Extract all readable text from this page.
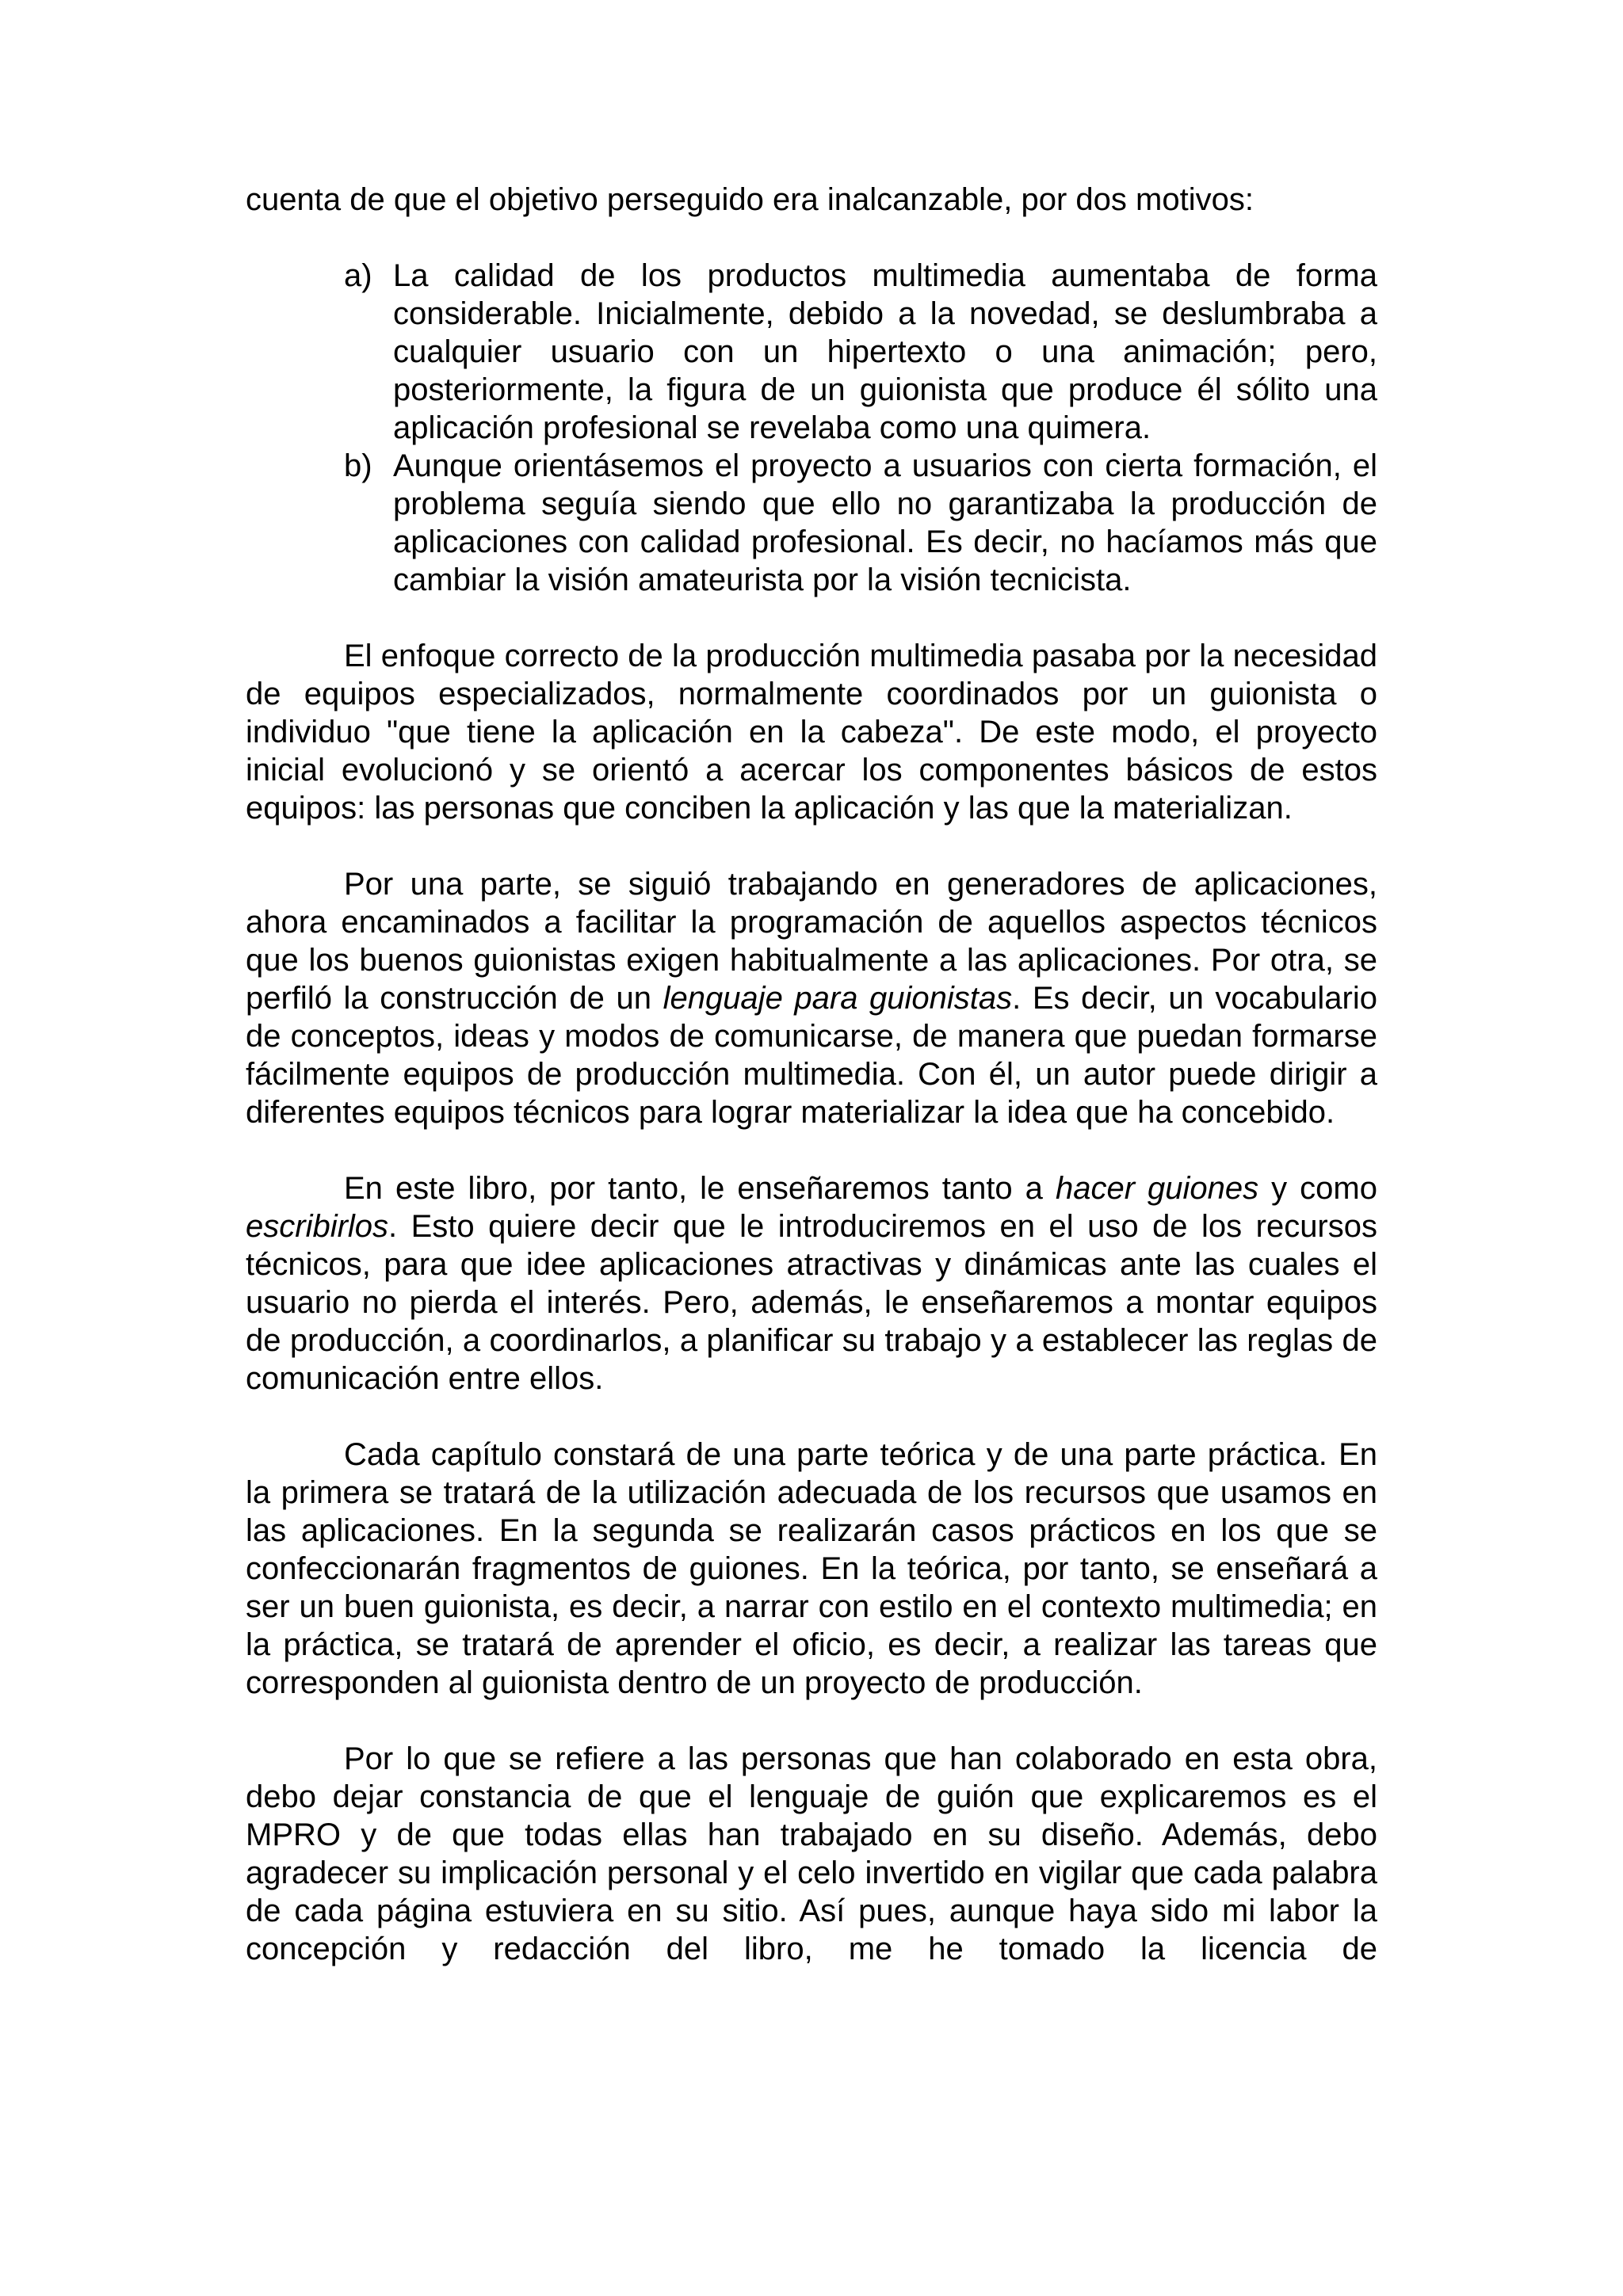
cuenta de que el objetivo perseguido era inalcanzable, por dos motivos:

a) La calidad de los productos multimedia aumentaba de forma considerable. Inicialmente, debido a la novedad, se deslumbraba a cualquier usuario con un hipertexto o una animación; pero, posteriormente, la figura de un guionista que produce él sólito una aplicación profesional se revelaba como una quimera.
b) Aunque orientásemos el proyecto a usuarios con cierta formación, el problema seguía siendo que ello no garantizaba la producción de aplicaciones con calidad profesional. Es decir, no hacíamos más que cambiar la visión amateurista por la visión tecnicista.

El enfoque correcto de la producción multimedia pasaba por la necesidad de equipos especializados, normalmente coordinados por un guionista o individuo "que tiene la aplicación en la cabeza". De este modo, el proyecto inicial evolucionó y se orientó a acercar los componentes básicos de estos equipos: las personas que conciben la aplicación y las que la materializan.

Por una parte, se siguió trabajando en generadores de aplicaciones, ahora encaminados a facilitar la programación de aquellos aspectos técnicos que los buenos guionistas exigen habitualmente a las aplicaciones. Por otra, se perfiló la construcción de un lenguaje para guionistas. Es decir, un vocabulario de conceptos, ideas y modos de comunicarse, de manera que puedan formarse fácilmente equipos de producción multimedia. Con él, un autor puede dirigir a diferentes equipos técnicos para lograr materializar la idea que ha concebido.

En este libro, por tanto, le enseñaremos tanto a hacer guiones y como escribirlos. Esto quiere decir que le introduciremos en el uso de los recursos técnicos, para que idee aplicaciones atractivas y dinámicas ante las cuales el usuario no pierda el interés. Pero, además, le enseñaremos a montar equipos de producción, a coordinarlos, a planificar su trabajo y a establecer las reglas de comunicación entre ellos.

Cada capítulo constará de una parte teórica y de una parte práctica. En la primera se tratará de la utilización adecuada de los recursos que usamos en las aplicaciones. En la segunda se realizarán casos prácticos en los que se confeccionarán fragmentos de guiones. En la teórica, por tanto, se enseñará a ser un buen guionista, es decir, a narrar con estilo en el contexto multimedia; en la práctica, se tratará de aprender el oficio, es decir, a realizar las tareas que corresponden al guionista dentro de un proyecto de producción.

Por lo que se refiere a las personas que han colaborado en esta obra, debo dejar constancia de que el lenguaje de guión que explicaremos es el MPRO y de que todas ellas han trabajado en su diseño. Además, debo agradecer su implicación personal y el celo invertido en vigilar que cada palabra de cada página estuviera en su sitio. Así pues, aunque haya sido mi labor la concepción y redacción del libro, me he tomado la licencia de
